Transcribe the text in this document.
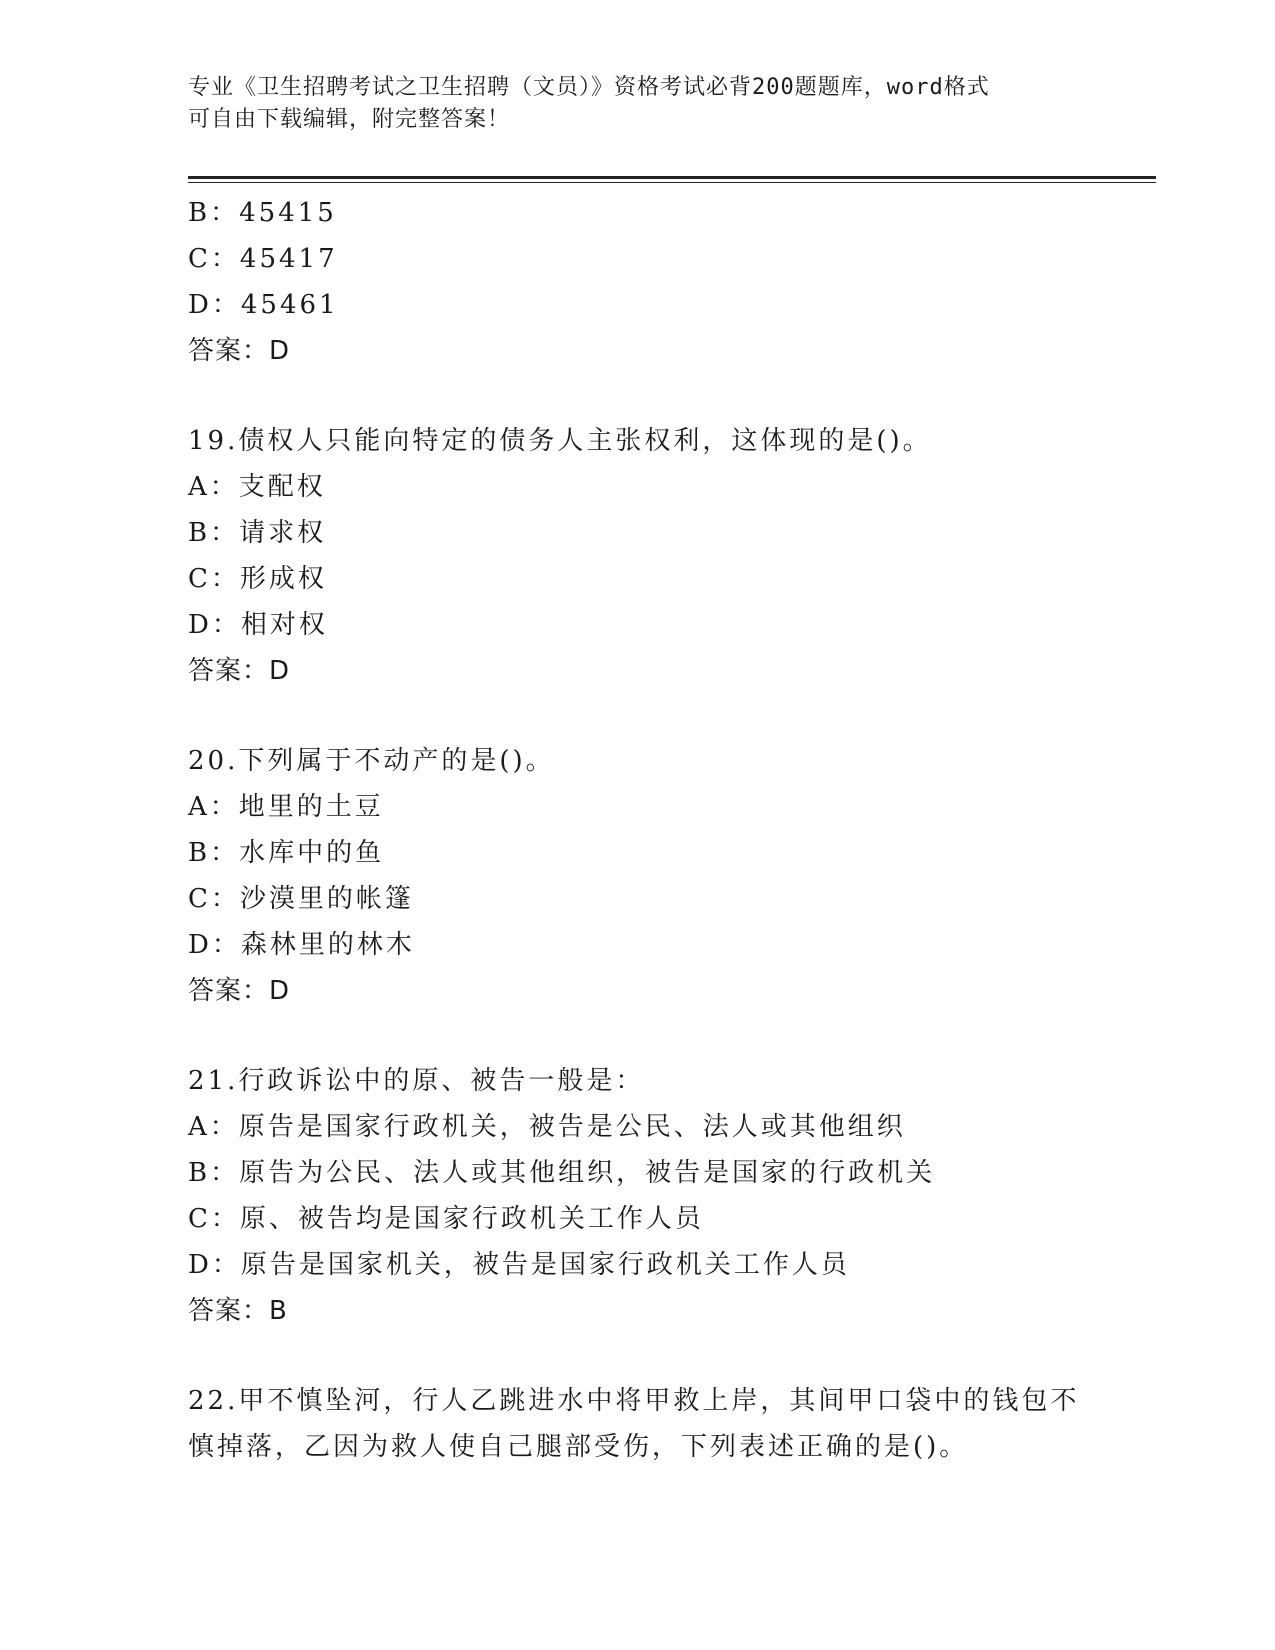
专业《卫生招聘考试之卫生招聘（文员）》资格考试必背200题题库，word格式
可自由下载编辑，附完整答案！
B：45415
C：45417
D：45461
答案：D
19.债权人只能向特定的债务人主张权利，这体现的是()。
A：支配权
B：请求权
C：形成权
D：相对权
答案：D
20.下列属于不动产的是()。
A：地里的土豆
B：水库中的鱼
C：沙漠里的帐篷
D：森林里的林木
答案：D
21.行政诉讼中的原、被告一般是：
A：原告是国家行政机关，被告是公民、法人或其他组织
B：原告为公民、法人或其他组织，被告是国家的行政机关
C：原、被告均是国家行政机关工作人员
D：原告是国家机关，被告是国家行政机关工作人员
答案：B
22.甲不慎坠河，行人乙跳进水中将甲救上岸，其间甲口袋中的钱包不
慎掉落，乙因为救人使自己腿部受伤，下列表述正确的是()。
